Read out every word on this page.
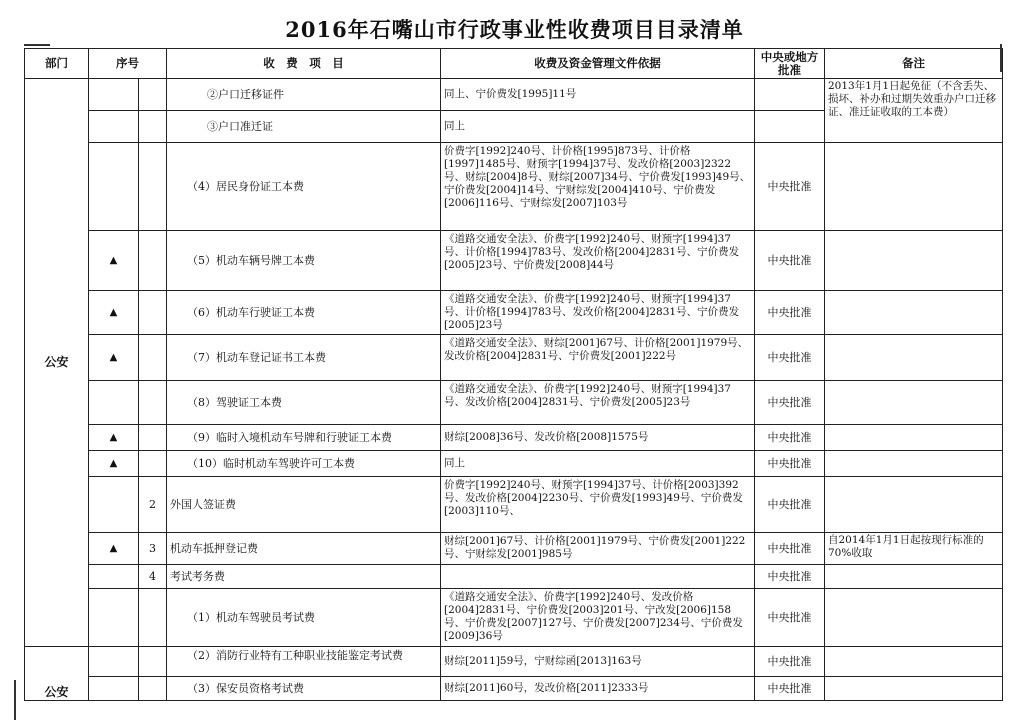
2016年石嘴山市行政事业性收费项目目录清单
部门	序号		收　费　项　目	收费及资金管理文件依据	中央或地方批准	备注
公安			②户口迁移证件	同上、宁价费发[1995]11号		2013年1月1日起免征（不含丢失、损坏、补办和过期失效重办户口迁移证、准迁证收取的工本费）
			③户口准迁证	同上		
			（4）居民身份证工本费	价费字[1992]240号、计价格[1995]873号、计价格[1997]1485号、财预字[1994]37号、发改价格[2003]2322号、财综[2004]8号、财综[2007]34号、宁价费发[1993]49号、宁价费发[2004]14号、宁财综发[2004]410号、宁价费发[2006]116号、宁财综发[2007]103号	中央批准	
	▲		（5）机动车辆号牌工本费	《道路交通安全法》、价费字[1992]240号、财预字[1994]37号、计价格[1994]783号、发改价格[2004]2831号、宁价费发[2005]23号、宁价费发[2008]44号	中央批准	
	▲		（6）机动车行驶证工本费	《道路交通安全法》、价费字[1992]240号、财预字[1994]37号、计价格[1994]783号、发改价格[2004]2831号、宁价费发[2005]23号	中央批准	
	▲		（7）机动车登记证书工本费	《道路交通安全法》、财综[2001]67号、计价格[2001]1979号、发改价格[2004]2831号、宁价费发[2001]222号	中央批准	
			（8）驾驶证工本费	《道路交通安全法》、价费字[1992]240号、财预字[1994]37号、发改价格[2004]2831号、宁价费发[2005]23号	中央批准	
	▲		（9）临时入境机动车号牌和行驶证工本费	财综[2008]36号、发改价格[2008]1575号	中央批准	
	▲		（10）临时机动车驾驶许可工本费	同上	中央批准	
		2	外国人签证费	价费字[1992]240号、财预字[1994]37号、计价格[2003]392号、发改价格[2004]2230号、宁价费发[1993]49号、宁价费发[2003]110号、	中央批准	
	▲	3	机动车抵押登记费	财综[2001]67号、计价格[2001]1979号、宁价费发[2001]222号、宁财综发[2001]985号	中央批准	自2014年1月1日起按现行标准的70%收取

		4	考试考务费		中央批准	
			（1）机动车驾驶员考试费	《道路交通安全法》、价费字[1992]240号、发改价格[2004]2831号、宁价费发[2003]201号、宁改发[2006]158号、宁价费发[2007]127号、宁价费发[2007]234号、宁价费发[2009]36号	中央批准	
公安			（2）消防行业特有工种职业技能鉴定考试费	财综[2011]59号，宁财综函[2013]163号	中央批准	
			（3）保安员资格考试费	财综[2011]60号，发改价格[2011]2333号	中央批准	
